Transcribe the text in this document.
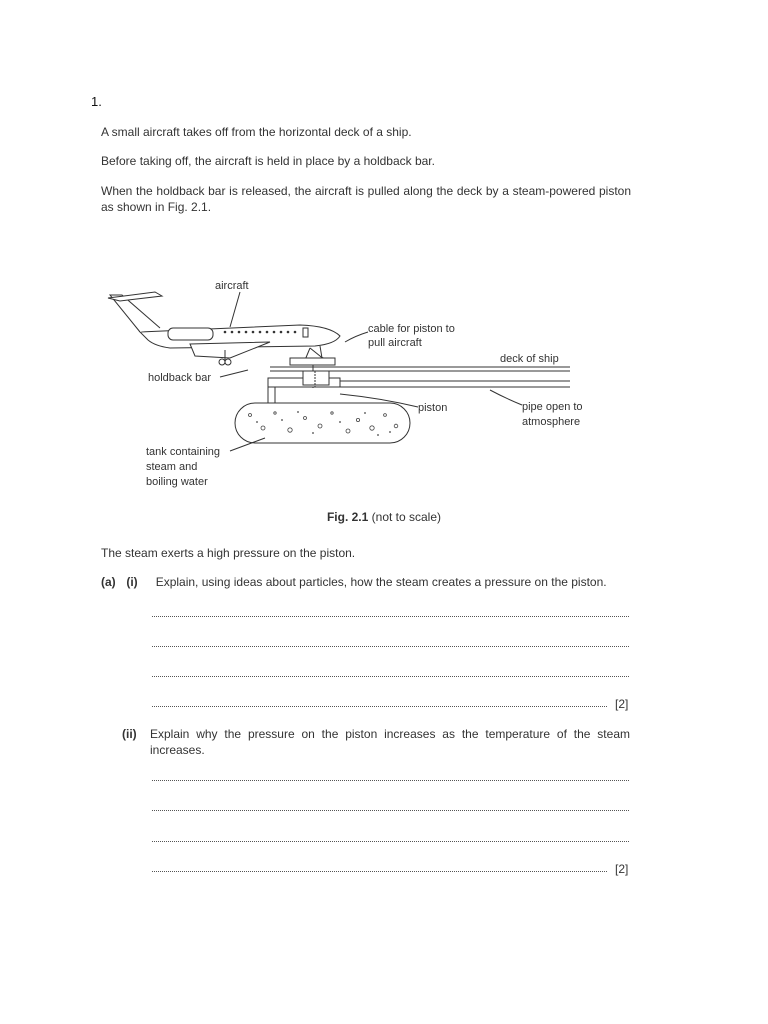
1.
A small aircraft takes off from the horizontal deck of a ship.
Before taking off, the aircraft is held in place by a holdback bar.
When the holdback bar is released, the aircraft is pulled along the deck by a steam-powered piston as shown in Fig. 2.1.
aircraft
cable for piston to
pull aircraft
deck of ship
holdback bar
piston	pipe open to
atmosphere
tank containing
steam and
boiling water
Fig. 2.1 (not to scale)
The steam exerts a high pressure on the piston.
(a) (i) Explain, using ideas about particles, how the steam creates a pressure on the piston.
[2]
(ii) Explain why the pressure on the piston increases as the temperature of the steam increases.
[2]
